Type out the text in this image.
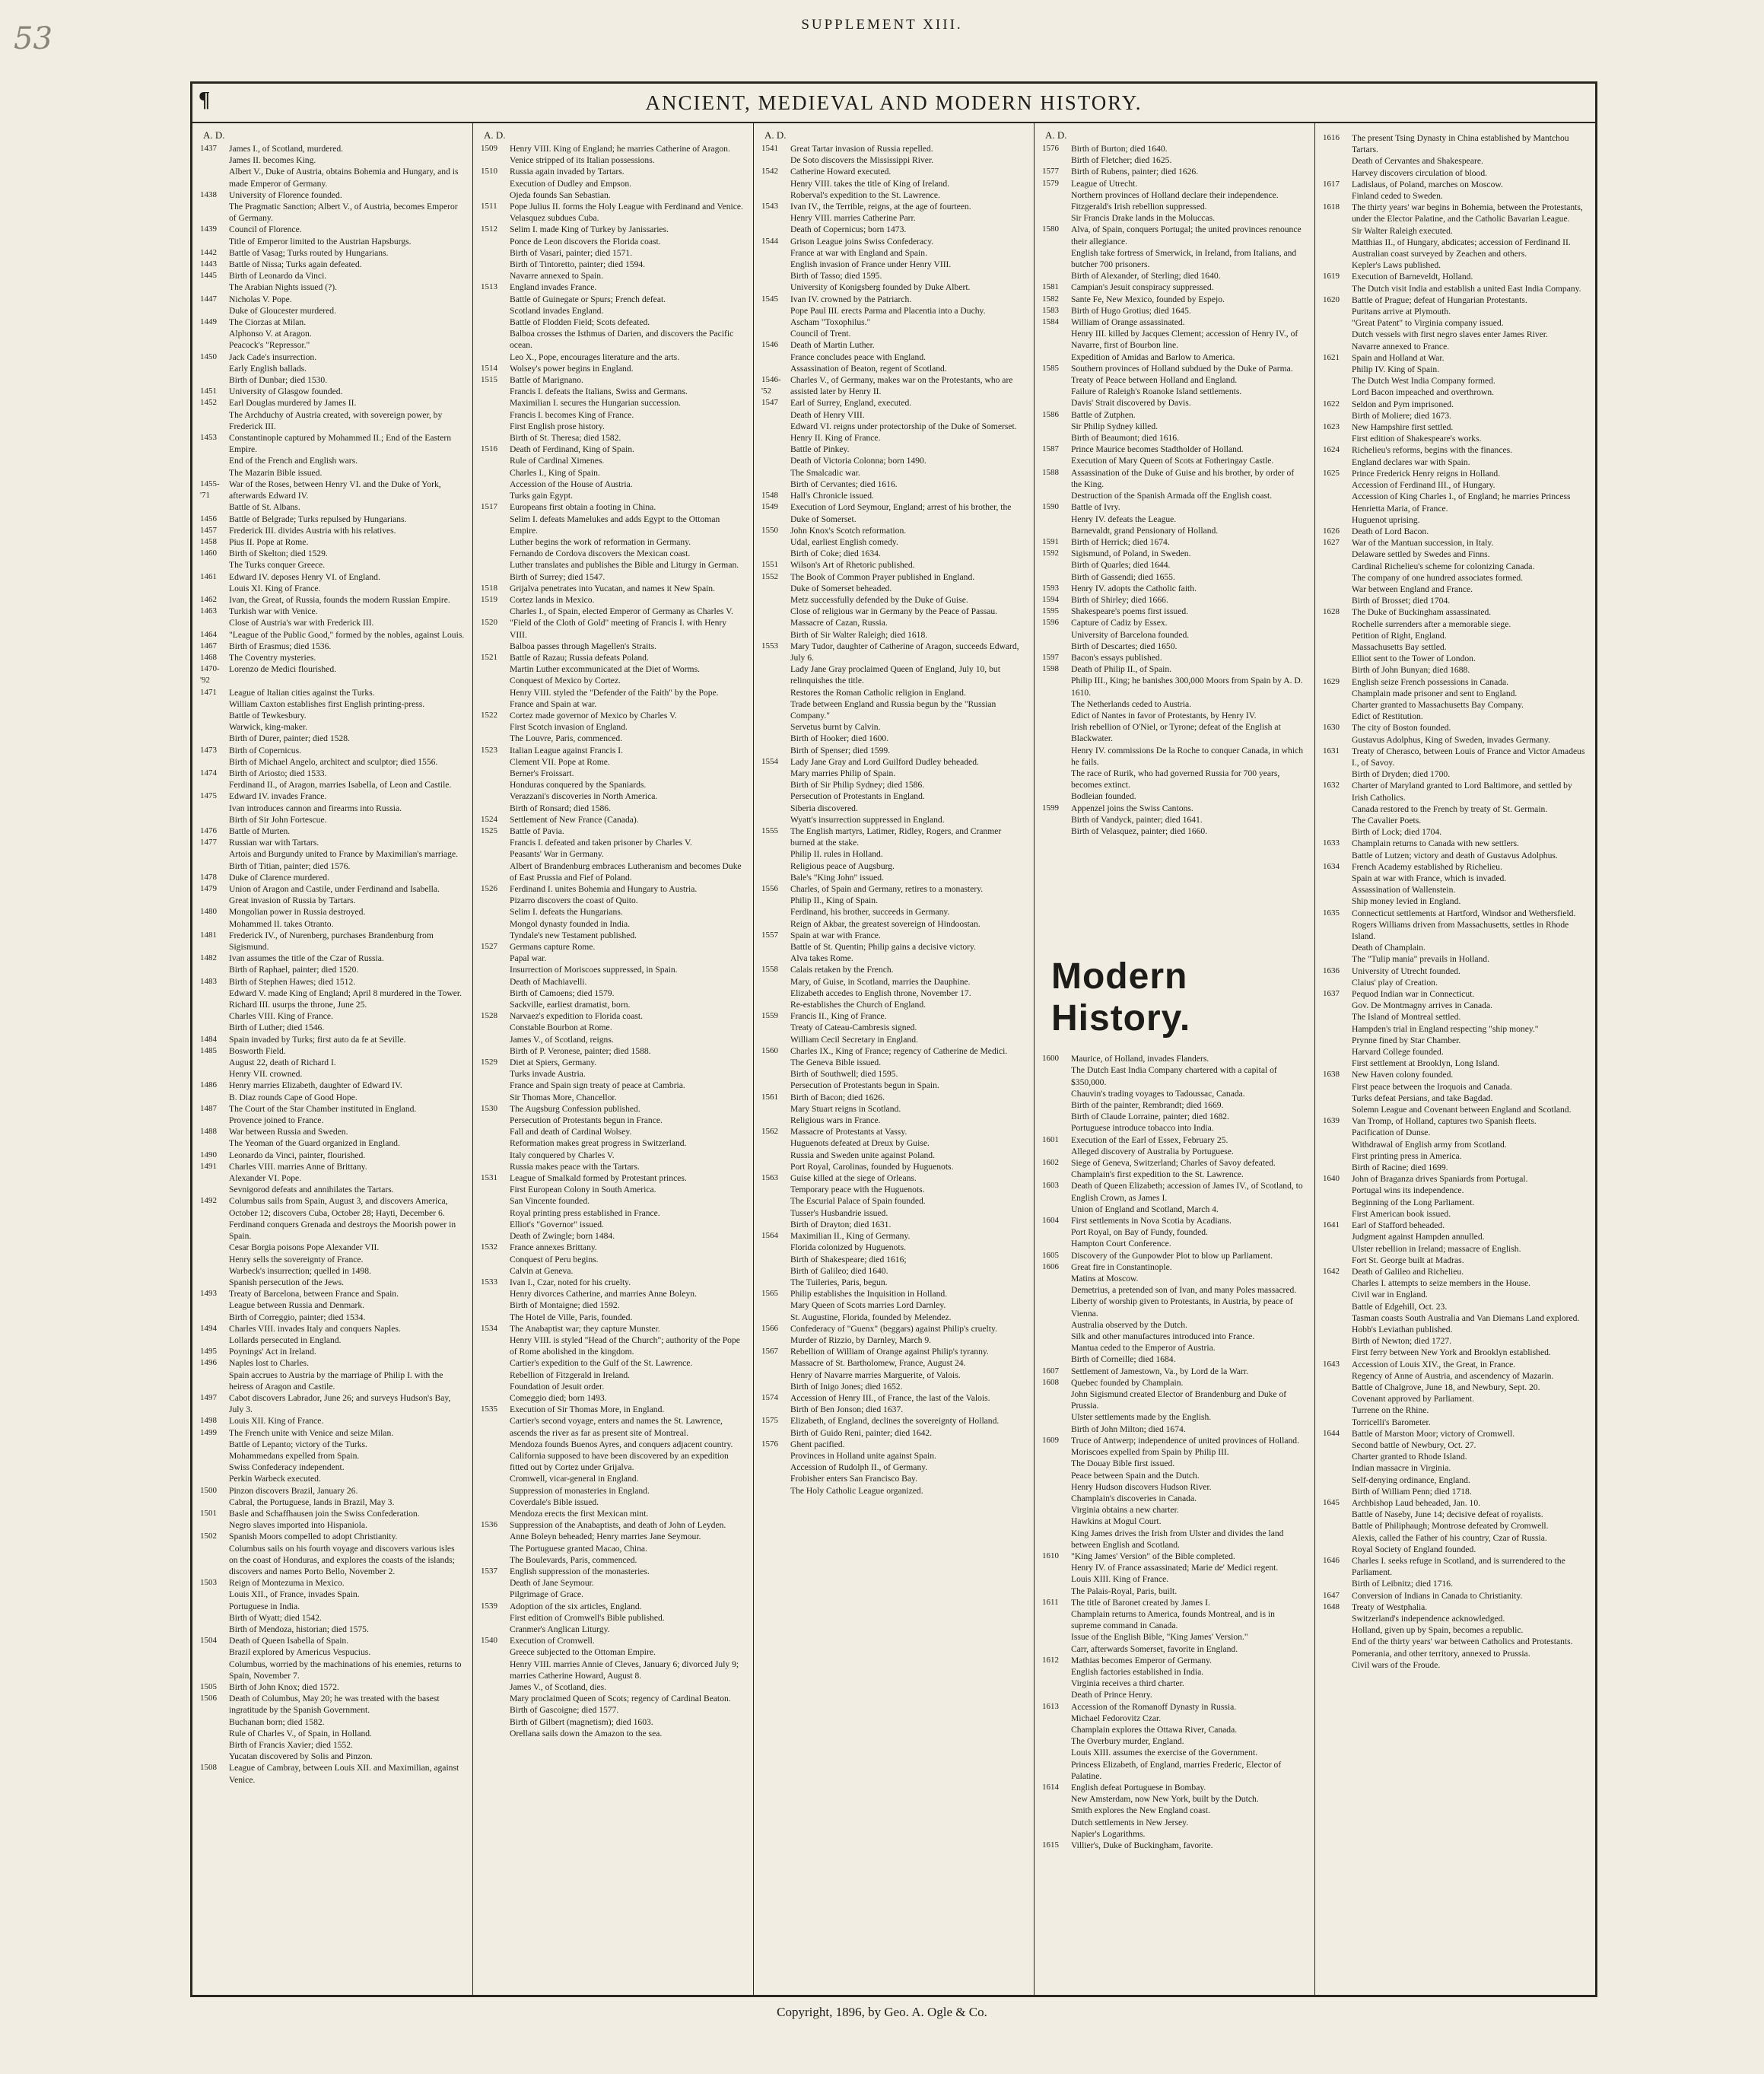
53	SUPPLEMENT XIII.
¶	ANCIENT, MEDIEVAL AND MODERN HISTORY.
A. D.
1437	James I., of Scotland, murdered.
James II. becomes King.
Albert V., Duke of Austria, obtains Bohemia and Hungary, and is made Emperor of Germany.
1438	University of Florence founded.
The Pragmatic Sanction; Albert V., of Austria, becomes Emperor of Germany.
1439	Council of Florence.
Title of Emperor limited to the Austrian Hapsburgs.
1442	Battle of Vasag; Turks routed by Hungarians.
1443	Battle of Nissa; Turks again defeated.
1445	Birth of Leonardo da Vinci.
The Arabian Nights issued (?).
1447	Nicholas V. Pope.
Duke of Gloucester murdered.
1449	The Ciorzas at Milan.
Alphonso V. at Aragon.
Peacock's "Repressor."
1450	Jack Cade's insurrection.
Early English ballads.
Birth of Dunbar; died 1530.
1451	University of Glasgow founded.
1452	Earl Douglas murdered by James II.
The Archduchy of Austria created, with sovereign power, by Frederick III.
1453	Constantinople captured by Mohammed II.; End of the Eastern Empire.
End of the French and English wars.
The Mazarin Bible issued.
1455-'71
War of the Roses, between Henry VI. and the Duke of York, afterwards Edward IV.
Battle of St. Albans.
1456	Battle of Belgrade; Turks repulsed by Hungarians.
1457	Frederick III. divides Austria with his relatives.
1458	Pius II. Pope at Rome.
1460	Birth of Skelton; died 1529.
The Turks conquer Greece.
1461	Edward IV. deposes Henry VI. of England.
Louis XI. King of France.
1462	Ivan, the Great, of Russia, founds the modern Russian Empire.
1463	Turkish war with Venice.
Close of Austria's war with Frederick III.
1464	"League of the Public Good," formed by the nobles, against Louis.
1467	Birth of Erasmus; died 1536.
1468	The Coventry mysteries.
1470-'92
Lorenzo de Medici flourished.
1471	League of Italian cities against the Turks.
William Caxton establishes first English printing-press.
Battle of Tewkesbury.
Warwick, king-maker.
Birth of Durer, painter; died 1528.
1473	Birth of Copernicus.
Birth of Michael Angelo, architect and sculptor; died 1556.
1474	Birth of Ariosto; died 1533.
Ferdinand II., of Aragon, marries Isabella, of Leon and Castile.
1475	Edward IV. invades France.
Ivan introduces cannon and firearms into Russia.
Birth of Sir John Fortescue.
1476	Battle of Murten.
1477	Russian war with Tartars.
Artois and Burgundy united to France by Maximilian's marriage.
Birth of Titian, painter; died 1576.
1478	Duke of Clarence murdered.
1479	Union of Aragon and Castile, under Ferdinand and Isabella.
Great invasion of Russia by Tartars.
1480	Mongolian power in Russia destroyed.
Mohammed II. takes Otranto.
1481	Frederick IV., of Nurenberg, purchases Brandenburg from Sigismund.
1482	Ivan assumes the title of the Czar of Russia.
Birth of Raphael, painter; died 1520.
1483	Birth of Stephen Hawes; died 1512.
Edward V. made King of England; April 8 murdered in the Tower.
Richard III. usurps the throne, June 25.
Charles VIII. King of France.
Birth of Luther; died 1546.
1484	Spain invaded by Turks; first auto da fe at Seville.
1485	Bosworth Field.
August 22, death of Richard I.
Henry VII. crowned.
1486	Henry marries Elizabeth, daughter of Edward IV.
B. Diaz rounds Cape of Good Hope.
1487	The Court of the Star Chamber instituted in England.
Provence joined to France.
1488	War between Russia and Sweden.
The Yeoman of the Guard organized in England.
1490	Leonardo da Vinci, painter, flourished.
1491	Charles VIII. marries Anne of Brittany.
Alexander VI. Pope.
Sevnigorod defeats and annihilates the Tartars.
1492	Columbus sails from Spain, August 3, and discovers America, October 12; discovers Cuba, October 28; Hayti, December 6.
Ferdinand conquers Grenada and destroys the Moorish power in Spain.
Cesar Borgia poisons Pope Alexander VII.
Henry sells the sovereignty of France.
Warbeck's insurrection; quelled in 1498.
Spanish persecution of the Jews.
1493	Treaty of Barcelona, between France and Spain.
League between Russia and Denmark.
Birth of Correggio, painter; died 1534.
1494	Charles VIII. invades Italy and conquers Naples.
Lollards persecuted in England.
1495	Poynings' Act in Ireland.
1496	Naples lost to Charles.
Spain accrues to Austria by the marriage of Philip I. with the heiress of Aragon and Castile.
1497	Cabot discovers Labrador, June 26; and surveys Hudson's Bay, July 3.
1498	Louis XII. King of France.
1499	The French unite with Venice and seize Milan.
Battle of Lepanto; victory of the Turks.
Mohammedans expelled from Spain.
Swiss Confederacy independent.
Perkin Warbeck executed.
1500	Pinzon discovers Brazil, January 26.
Cabral, the Portuguese, lands in Brazil, May 3.
1501	Basle and Schaffhausen join the Swiss Confederation.
Negro slaves imported into Hispaniola.
1502	Spanish Moors compelled to adopt Christianity.
Columbus sails on his fourth voyage and discovers various isles on the coast of Honduras, and explores the coasts of the islands; discovers and names Porto Bello, November 2.
1503	Reign of Montezuma in Mexico.
Louis XII., of France, invades Spain.
Portuguese in India.
Birth of Wyatt; died 1542.
Birth of Mendoza, historian; died 1575.
1504	Death of Queen Isabella of Spain.
Brazil explored by Americus Vespucius.
Columbus, worried by the machinations of his enemies, returns to Spain, November 7.
1505	Birth of John Knox; died 1572.
1506	Death of Columbus, May 20; he was treated with the basest ingratitude by the Spanish Government.
Buchanan born; died 1582.
Rule of Charles V., of Spain, in Holland.
Birth of Francis Xavier; died 1552.
Yucatan discovered by Solis and Pinzon.
1508	League of Cambray, between Louis XII. and Maximilian, against Venice.
A. D.
1509	Henry VIII. King of England; he marries Catherine of Aragon.
Venice stripped of its Italian possessions.
1510	Russia again invaded by Tartars.
Execution of Dudley and Empson.
Ojeda founds San Sebastian.
1511	Pope Julius II. forms the Holy League with Ferdinand and Venice.
Velasquez subdues Cuba.
1512	Selim I. made King of Turkey by Janissaries.
Ponce de Leon discovers the Florida coast.
Birth of Vasari, painter; died 1571.
Birth of Tintoretto, painter; died 1594.
Navarre annexed to Spain.
1513	England invades France.
Battle of Guinegate or Spurs; French defeat.
Scotland invades England.
Battle of Flodden Field; Scots defeated.
Balboa crosses the Isthmus of Darien, and discovers the Pacific ocean.
Leo X., Pope, encourages literature and the arts.
1514	Wolsey's power begins in England.
1515	Battle of Marignano.
Francis I. defeats the Italians, Swiss and Germans.
Maximilian I. secures the Hungarian succession.
Francis I. becomes King of France.
First English prose history.
Birth of St. Theresa; died 1582.
1516	Death of Ferdinand, King of Spain.
Rule of Cardinal Ximenes.
Charles I., King of Spain.
Accession of the House of Austria.
Turks gain Egypt.
1517	Europeans first obtain a footing in China.
Selim I. defeats Mamelukes and adds Egypt to the Ottoman Empire.
Luther begins the work of reformation in Germany.
Fernando de Cordova discovers the Mexican coast.
Luther translates and publishes the Bible and Liturgy in German.
Birth of Surrey; died 1547.
1518	Grijalva penetrates into Yucatan, and names it New Spain.
1519	Cortez lands in Mexico.
Charles I., of Spain, elected Emperor of Germany as Charles V.
1520	"Field of the Cloth of Gold" meeting of Francis I. with Henry VIII.
Balboa passes through Magellen's Straits.
1521	Battle of Razau; Russia defeats Poland.
Martin Luther excommunicated at the Diet of Worms.
Conquest of Mexico by Cortez.
Henry VIII. styled the "Defender of the Faith" by the Pope.
France and Spain at war.
1522	Cortez made governor of Mexico by Charles V.
First Scotch invasion of England.
The Louvre, Paris, commenced.
1523	Italian League against Francis I.
Clement VII. Pope at Rome.
Berner's Froissart.
Honduras conquered by the Spaniards.
Verazzani's discoveries in North America.
Birth of Ronsard; died 1586.
1524	Settlement of New France (Canada).
1525	Battle of Pavia.
Francis I. defeated and taken prisoner by Charles V.
Peasants' War in Germany.
Albert of Brandenburg embraces Lutheranism and becomes Duke of East Prussia and Fief of Poland.
1526	Ferdinand I. unites Bohemia and Hungary to Austria.
Pizarro discovers the coast of Quito.
Selim I. defeats the Hungarians.
Mongol dynasty founded in India.
Tyndale's new Testament published.
1527	Germans capture Rome.
Papal war.
Insurrection of Moriscoes suppressed, in Spain.
Death of Machiavelli.
Birth of Camoens; died 1579.
Sackville, earliest dramatist, born.
1528	Narvaez's expedition to Florida coast.
Constable Bourbon at Rome.
James V., of Scotland, reigns.
Birth of P. Veronese, painter; died 1588.
1529	Diet at Spiers, Germany.
Turks invade Austria.
France and Spain sign treaty of peace at Cambria.
Sir Thomas More, Chancellor.
1530	The Augsburg Confession published.
Persecution of Protestants begun in France.
Fall and death of Cardinal Wolsey.
Reformation makes great progress in Switzerland.
Italy conquered by Charles V.
Russia makes peace with the Tartars.
1531	League of Smalkald formed by Protestant princes.
First European Colony in South America.
San Vincente founded.
Royal printing press established in France.
Elliot's "Governor" issued.
Death of Zwingle; born 1484.
1532	France annexes Brittany.
Conquest of Peru begins.
Calvin at Geneva.
1533	Ivan I., Czar, noted for his cruelty.
Henry divorces Catherine, and marries Anne Boleyn.
Birth of Montaigne; died 1592.
The Hotel de Ville, Paris, founded.
1534	The Anabaptist war; they capture Munster.
Henry VIII. is styled "Head of the Church"; authority of the Pope of Rome abolished in the kingdom.
Cartier's expedition to the Gulf of the St. Lawrence.
Rebellion of Fitzgerald in Ireland.
Foundation of Jesuit order.
Comeggio died; born 1493.
1535	Execution of Sir Thomas More, in England.
Cartier's second voyage, enters and names the St. Lawrence, ascends the river as far as present site of Montreal.
Mendoza founds Buenos Ayres, and conquers adjacent country.
California supposed to have been discovered by an expedition fitted out by Cortez under Grijalva.
Cromwell, vicar-general in England.
Suppression of monasteries in England.
Coverdale's Bible issued.
Mendoza erects the first Mexican mint.
1536	Suppression of the Anabaptists, and death of John of Leyden.
Anne Boleyn beheaded; Henry marries Jane Seymour.
The Portuguese granted Macao, China.
The Boulevards, Paris, commenced.
1537	English suppression of the monasteries.
Death of Jane Seymour.
Pilgrimage of Grace.
1539	Adoption of the six articles, England.
First edition of Cromwell's Bible published.
Cranmer's Anglican Liturgy.
1540	Execution of Cromwell.
Greece subjected to the Ottoman Empire.
Henry VIII. marries Annie of Cleves, January 6; divorced July 9; marries Catherine Howard, August 8.
James V., of Scotland, dies.
Mary proclaimed Queen of Scots; regency of Cardinal Beaton.
Birth of Gascoigne; died 1577.
Birth of Gilbert (magnetism); died 1603.
Orellana sails down the Amazon to the sea.
A. D.
1541	Great Tartar invasion of Russia repelled.
De Soto discovers the Mississippi River.
1542	Catherine Howard executed.
Henry VIII. takes the title of King of Ireland.
Roberval's expedition to the St. Lawrence.
1543	Ivan IV., the Terrible, reigns, at the age of fourteen.
Henry VIII. marries Catherine Parr.
Death of Copernicus; born 1473.
1544	Grison League joins Swiss Confederacy.
France at war with England and Spain.
English invasion of France under Henry VIII.
Birth of Tasso; died 1595.
University of Konigsberg founded by Duke Albert.
1545	Ivan IV. crowned by the Patriarch.
Pope Paul III. erects Parma and Placentia into a Duchy.
Ascham "Toxophilus."
Council of Trent.
1546	Death of Martin Luther.
France concludes peace with England.
Assassination of Beaton, regent of Scotland.
1546-'52
Charles V., of Germany, makes war on the Protestants, who are assisted later by Henry II.
1547	Earl of Surrey, England, executed.
Death of Henry VIII.
Edward VI. reigns under protectorship of the Duke of Somerset.
Henry II. King of France.
Battle of Pinkey.
Death of Victoria Colonna; born 1490.
The Smalcadic war.
Birth of Cervantes; died 1616.
1548	Hall's Chronicle issued.
1549	Execution of Lord Seymour, England; arrest of his brother, the Duke of Somerset.
1550	John Knox's Scotch reformation.
Udal, earliest English comedy.
Birth of Coke; died 1634.
1551	Wilson's Art of Rhetoric published.
1552	The Book of Common Prayer published in England.
Duke of Somerset beheaded.
Metz successfully defended by the Duke of Guise.
Close of religious war in Germany by the Peace of Passau.
Massacre of Cazan, Russia.
Birth of Sir Walter Raleigh; died 1618.
1553	Mary Tudor, daughter of Catherine of Aragon, succeeds Edward, July 6.
Lady Jane Gray proclaimed Queen of England, July 10, but relinquishes the title.
Restores the Roman Catholic religion in England.
Trade between England and Russia begun by the "Russian Company."
Servetus burnt by Calvin.
Birth of Hooker; died 1600.
Birth of Spenser; died 1599.
1554	Lady Jane Gray and Lord Guilford Dudley beheaded.
Mary marries Philip of Spain.
Birth of Sir Philip Sydney; died 1586.
Persecution of Protestants in England.
Siberia discovered.
Wyatt's insurrection suppressed in England.
1555	The English martyrs, Latimer, Ridley, Rogers, and Cranmer burned at the stake.
Philip II. rules in Holland.
Religious peace of Augsburg.
Bale's "King John" issued.
1556	Charles, of Spain and Germany, retires to a monastery.
Philip II., King of Spain.
Ferdinand, his brother, succeeds in Germany.
Reign of Akbar, the greatest sovereign of Hindoostan.
1557	Spain at war with France.
Battle of St. Quentin; Philip gains a decisive victory.
Alva takes Rome.
1558	Calais retaken by the French.
Mary, of Guise, in Scotland, marries the Dauphine.
Elizabeth accedes to English throne, November 17.
Re-establishes the Church of England.
1559	Francis II., King of France.
Treaty of Cateau-Cambresis signed.
William Cecil Secretary in England.
1560	Charles IX., King of France; regency of Catherine de Medici.
The Geneva Bible issued.
Birth of Southwell; died 1595.
Persecution of Protestants begun in Spain.
1561	Birth of Bacon; died 1626.
Mary Stuart reigns in Scotland.
Religious wars in France.
1562	Massacre of Protestants at Vassy.
Huguenots defeated at Dreux by Guise.
Russia and Sweden unite against Poland.
Port Royal, Carolinas, founded by Huguenots.
1563	Guise killed at the siege of Orleans.
Temporary peace with the Huguenots.
The Escurial Palace of Spain founded.
Tusser's Husbandrie issued.
Birth of Drayton; died 1631.
1564	Maximilian II., King of Germany.
Florida colonized by Huguenots.
Birth of Shakespeare; died 1616;
Birth of Galileo; died 1640.
The Tuileries, Paris, begun.
1565	Philip establishes the Inquisition in Holland.
Mary Queen of Scots marries Lord Darnley.
St. Augustine, Florida, founded by Melendez.
1566	Confederacy of "Guenx" (beggars) against Philip's cruelty.
Murder of Rizzio, by Darnley, March 9.
1567	Rebellion of William of Orange against Philip's tyranny.
Massacre of St. Bartholomew, France, August 24.
Henry of Navarre marries Marguerite, of Valois.
Birth of Inigo Jones; died 1652.
1574	Accession of Henry III., of France, the last of the Valois.
Birth of Ben Jonson; died 1637.
1575	Elizabeth, of England, declines the sovereignty of Holland.
Birth of Guido Reni, painter; died 1642.
1576	Ghent pacified.
Provinces in Holland unite against Spain.
Accession of Rudolph II., of Germany.
Frobisher enters San Francisco Bay.
The Holy Catholic League organized.
A. D.
1576	Birth of Burton; died 1640.
Birth of Fletcher; died 1625.
1577	Birth of Rubens, painter; died 1626.
1579	League of Utrecht.
Northern provinces of Holland declare their independence.
Fitzgerald's Irish rebellion suppressed.
Sir Francis Drake lands in the Moluccas.
1580	Alva, of Spain, conquers Portugal; the united provinces renounce their allegiance.
English take fortress of Smerwick, in Ireland, from Italians, and butcher 700 prisoners.
Birth of Alexander, of Sterling; died 1640.
1581	Campian's Jesuit conspiracy suppressed.
1582	Sante Fe, New Mexico, founded by Espejo.
1583	Birth of Hugo Grotius; died 1645.
1584	William of Orange assassinated.
Henry III. killed by Jacques Clement; accession of Henry IV., of Navarre, first of Bourbon line.
Expedition of Amidas and Barlow to America.
1585	Southern provinces of Holland subdued by the Duke of Parma.
Treaty of Peace between Holland and England.
Failure of Raleigh's Roanoke Island settlements.
Davis' Strait discovered by Davis.
1586	Battle of Zutphen.
Sir Philip Sydney killed.
Birth of Beaumont; died 1616.
1587	Prince Maurice becomes Stadtholder of Holland.
Execution of Mary Queen of Scots at Fotheringay Castle.
1588	Assassination of the Duke of Guise and his brother, by order of the King.
Destruction of the Spanish Armada off the English coast.
1590	Battle of Ivry.
Henry IV. defeats the League.
Barnevaldt, grand Pensionary of Holland.
1591	Birth of Herrick; died 1674.
1592	Sigismund, of Poland, in Sweden.
Birth of Quarles; died 1644.
Birth of Gassendi; died 1655.
1593	Henry IV. adopts the Catholic faith.
1594	Birth of Shirley; died 1666.
1595	Shakespeare's poems first issued.
1596	Capture of Cadiz by Essex.
University of Barcelona founded.
Birth of Descartes; died 1650.
1597	Bacon's essays published.
1598	Death of Philip II., of Spain.
Philip III., King; he banishes 300,000 Moors from Spain by A. D. 1610.
The Netherlands ceded to Austria.
Edict of Nantes in favor of Protestants, by Henry IV.
Irish rebellion of O'Niel, or Tyrone; defeat of the English at Blackwater.
Henry IV. commissions De la Roche to conquer Canada, in which he fails.
The race of Rurik, who had governed Russia for 700 years, becomes extinct.
Bodleian founded.
1599	Appenzel joins the Swiss Cantons.
Birth of Vandyck, painter; died 1641.
Birth of Velasquez, painter; died 1660.
Modern History.
1600	Maurice, of Holland, invades Flanders.
The Dutch East India Company chartered with a capital of $350,000.
Chauvin's trading voyages to Tadoussac, Canada.
Birth of the painter, Rembrandt; died 1669.
Birth of Claude Lorraine, painter; died 1682.
Portuguese introduce tobacco into India.
1601	Execution of the Earl of Essex, February 25.
Alleged discovery of Australia by Portuguese.
1602	Siege of Geneva, Switzerland; Charles of Savoy defeated.
Champlain's first expedition to the St. Lawrence.
1603	Death of Queen Elizabeth; accession of James IV., of Scotland, to English Crown, as James I.
Union of England and Scotland, March 4.
1604	First settlements in Nova Scotia by Acadians.
Port Royal, on Bay of Fundy, founded.
Hampton Court Conference.
1605	Discovery of the Gunpowder Plot to blow up Parliament.
1606	Great fire in Constantinople.
Matins at Moscow.
Demetrius, a pretended son of Ivan, and many Poles massacred.
Liberty of worship given to Protestants, in Austria, by peace of Vienna.
Australia observed by the Dutch.
Silk and other manufactures introduced into France.
Mantua ceded to the Emperor of Austria.
Birth of Corneille; died 1684.
1607	Settlement of Jamestown, Va., by Lord de la Warr.
1608	Quebec founded by Champlain.
John Sigismund created Elector of Brandenburg and Duke of Prussia.
Ulster settlements made by the English.
Birth of John Milton; died 1674.
1609	Truce of Antwerp; independence of united provinces of Holland.
Moriscoes expelled from Spain by Philip III.
The Douay Bible first issued.
Peace between Spain and the Dutch.
Henry Hudson discovers Hudson River.
Champlain's discoveries in Canada.
Virginia obtains a new charter.
Hawkins at Mogul Court.
King James drives the Irish from Ulster and divides the land between English and Scotland.
1610	"King James' Version" of the Bible completed.
Henry IV. of France assassinated; Marie de' Medici regent.
Louis XIII. King of France.
The Palais-Royal, Paris, built.
1611	The title of Baronet created by James I.
Champlain returns to America, founds Montreal, and is in supreme command in Canada.
Issue of the English Bible, "King James' Version."
Carr, afterwards Somerset, favorite in England.
1612	Mathias becomes Emperor of Germany.
English factories established in India.
Virginia receives a third charter.
Death of Prince Henry.
1613	Accession of the Romanoff Dynasty in Russia.
Michael Fedorovitz Czar.
Champlain explores the Ottawa River, Canada.
The Overbury murder, England.
Louis XIII. assumes the exercise of the Government.
Princess Elizabeth, of England, marries Frederic, Elector of Palatine.
1614	English defeat Portuguese in Bombay.
New Amsterdam, now New York, built by the Dutch.
Smith explores the New England coast.
Dutch settlements in New Jersey.
Napier's Logarithms.
1615	Villier's, Duke of Buckingham, favorite.
1616	The present Tsing Dynasty in China established by Mantchou Tartars.
Death of Cervantes and Shakespeare.
Harvey discovers circulation of blood.
1617	Ladislaus, of Poland, marches on Moscow.
Finland ceded to Sweden.
1618	The thirty years' war begins in Bohemia, between the Protestants, under the Elector Palatine, and the Catholic Bavarian League.
Sir Walter Raleigh executed.
Matthias II., of Hungary, abdicates; accession of Ferdinand II.
Australian coast surveyed by Zeachen and others.
Kepler's Laws published.
1619	Execution of Barneveldt, Holland.
The Dutch visit India and establish a united East India Company.
1620	Battle of Prague; defeat of Hungarian Protestants.
Puritans arrive at Plymouth.
"Great Patent" to Virginia company issued.
Dutch vessels with first negro slaves enter James River.
Navarre annexed to France.
1621	Spain and Holland at War.
Philip IV. King of Spain.
The Dutch West India Company formed.
Lord Bacon impeached and overthrown.
1622	Seldon and Pym imprisoned.
Birth of Moliere; died 1673.
1623	New Hampshire first settled.
First edition of Shakespeare's works.
1624	Richelieu's reforms, begins with the finances.
England declares war with Spain.
1625	Prince Frederick Henry reigns in Holland.
Accession of Ferdinand III., of Hungary.
Accession of King Charles I., of England; he marries Princess Henrietta Maria, of France.
Huguenot uprising.
1626	Death of Lord Bacon.
1627	War of the Mantuan succession, in Italy.
Delaware settled by Swedes and Finns.
Cardinal Richelieu's scheme for colonizing Canada.
The company of one hundred associates formed.
War between England and France.
Birth of Brosset; died 1704.
1628	The Duke of Buckingham assassinated.
Rochelle surrenders after a memorable siege.
Petition of Right, England.
Massachusetts Bay settled.
Elliot sent to the Tower of London.
Birth of John Bunyan; died 1688.
1629	English seize French possessions in Canada.
Champlain made prisoner and sent to England.
Charter granted to Massachusetts Bay Company.
Edict of Restitution.
1630	The city of Boston founded.
Gustavus Adolphus, King of Sweden, invades Germany.
1631	Treaty of Cherasco, between Louis of France and Victor Amadeus I., of Savoy.
Birth of Dryden; died 1700.
1632	Charter of Maryland granted to Lord Baltimore, and settled by Irish Catholics.
Canada restored to the French by treaty of St. Germain.
The Cavalier Poets.
Birth of Lock; died 1704.
1633	Champlain returns to Canada with new settlers.
Battle of Lutzen; victory and death of Gustavus Adolphus.
1634	French Academy established by Richelieu.
Spain at war with France, which is invaded.
Assassination of Wallenstein.
Ship money levied in England.
1635	Connecticut settlements at Hartford, Windsor and Wethersfield.
Rogers Williams driven from Massachusetts, settles in Rhode Island.
Death of Champlain.
The "Tulip mania" prevails in Holland.
1636	University of Utrecht founded.
Claius' play of Creation.
1637	Pequod Indian war in Connecticut.
Gov. De Montmagny arrives in Canada.
The Island of Montreal settled.
Hampden's trial in England respecting "ship money."
Prynne fined by Star Chamber.
Harvard College founded.
First settlement at Brooklyn, Long Island.
1638	New Haven colony founded.
First peace between the Iroquois and Canada.
Turks defeat Persians, and take Bagdad.
Solemn League and Covenant between England and Scotland.
1639	Van Tromp, of Holland, captures two Spanish fleets.
Pacification of Dunse.
Withdrawal of English army from Scotland.
First printing press in America.
Birth of Racine; died 1699.
1640	John of Braganza drives Spaniards from Portugal.
Portugal wins its independence.
Beginning of the Long Parliament.
First American book issued.
1641	Earl of Stafford beheaded.
Judgment against Hampden annulled.
Ulster rebellion in Ireland; massacre of English.
Fort St. George built at Madras.
1642	Death of Galileo and Richelieu.
Charles I. attempts to seize members in the House.
Civil war in England.
Battle of Edgehill, Oct. 23.
Tasman coasts South Australia and Van Diemans Land explored.
Hobb's Leviathan published.
Birth of Newton; died 1727.
First ferry between New York and Brooklyn established.
1643	Accession of Louis XIV., the Great, in France.
Regency of Anne of Austria, and ascendency of Mazarin.
Battle of Chalgrove, June 18, and Newbury, Sept. 20.
Covenant approved by Parliament.
Turrene on the Rhine.
Torricelli's Barometer.
1644	Battle of Marston Moor; victory of Cromwell.
Second battle of Newbury, Oct. 27.
Charter granted to Rhode Island.
Indian massacre in Virginia.
Self-denying ordinance, England.
Birth of William Penn; died 1718.
1645	Archbishop Laud beheaded, Jan. 10.
Battle of Naseby, June 14; decisive defeat of royalists.
Battle of Philiphaugh; Montrose defeated by Cromwell.
Alexis, called the Father of his country, Czar of Russia.
Royal Society of England founded.
1646	Charles I. seeks refuge in Scotland, and is surrendered to the Parliament.
Birth of Leibnitz; died 1716.
1647	Conversion of Indians in Canada to Christianity.
1648	Treaty of Westphalia.
Switzerland's independence acknowledged.
Holland, given up by Spain, becomes a republic.
End of the thirty years' war between Catholics and Protestants.
Pomerania, and other territory, annexed to Prussia.
Civil wars of the Froude.
Copyright, 1896, by Geo. A. Ogle & Co.
